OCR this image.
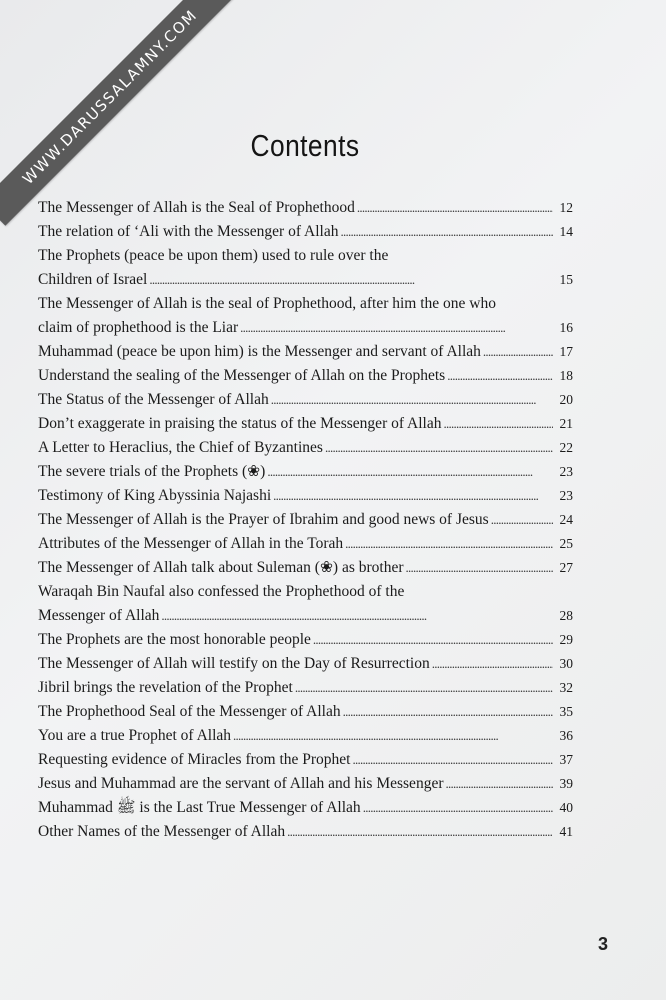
WWW.DARUSSALAMNY.COM	Contents
The Messenger of Allah is the Seal of Prophethood . . .	12
The relation of ‘Ali with the Messenger of Allah . . .	14
The Prophets (peace be upon them) used to rule over the
Children of Israel . . .	15
The Messenger of Allah is the seal of Prophethood, after him the one who
claim of prophethood is the Liar . . .	16
Muhammad (peace be upon him) is the Messenger and servant of Allah . . .	17
Understand the sealing of the Messenger of Allah on the Prophets . . .	18
The Status of the Messenger of Allah . . .	20
Don’t exaggerate in praising the status of the Messenger of Allah . . .	21
A Letter to Heraclius, the Chief of Byzantines . . .	22
The severe trials of the Prophets (❀) . . .	23
Testimony of King Abyssinia Najashi . . .	23
The Messenger of Allah is the Prayer of Ibrahim and good news of Jesus . . .	24
Attributes of the Messenger of Allah in the Torah . . .	25
The Messenger of Allah talk about Suleman (❀) as brother . . .	27
Waraqah Bin Naufal also confessed the Prophethood of the
Messenger of Allah . . .	28
The Prophets are the most honorable people . . .	29
The Messenger of Allah will testify on the Day of Resurrection . . .	30
Jibril brings the revelation of the Prophet . . .	32
The Prophethood Seal of the Messenger of Allah . . .	35
You are a true Prophet of Allah . . .	36
Requesting evidence of Miracles from the Prophet . . .	37
Jesus and Muhammad are the servant of Allah and his Messenger . . .	39
Muhammad ﷺ is the Last True Messenger of Allah . . .	40
Other Names of the Messenger of Allah . . .	41
3
